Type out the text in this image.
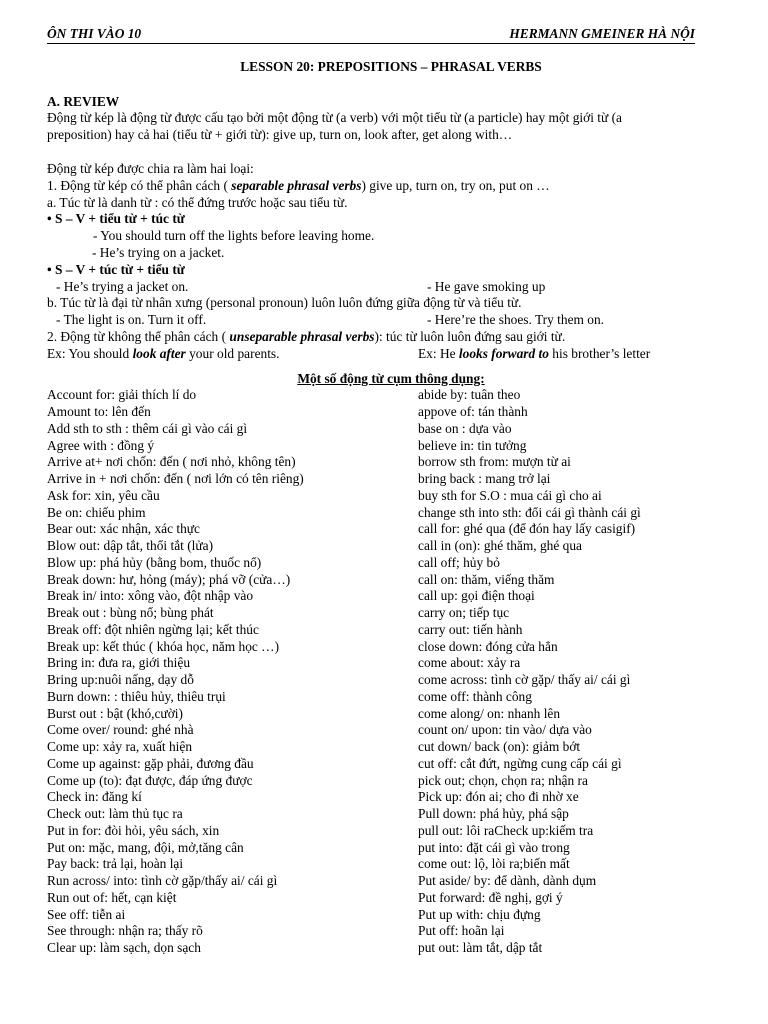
ÔN THI VÀO 10	HERMANN GMEINER HÀ NỘI
LESSON 20: PREPOSITIONS – PHRASAL VERBS
A. REVIEW

Động từ kép là động từ được cấu tạo bởi một động từ (a verb) với một tiểu từ (a particle) hay một giới từ (a

preposition) hay cả hai (tiểu từ + giới từ): give up, turn on, look after, get along with…

Động từ kép được chia ra làm hai loại:

1. Động từ kép có thể phân cách ( separable phrasal verbs) give up, turn on, try on, put on …

a. Túc từ là danh từ : có thể đứng trước hoặc sau tiểu từ.

• S – V + tiểu từ + túc từ

- You should turn off the lights before leaving home.

- He’s trying on a jacket.

• S – V + túc từ + tiểu từ

- He’s trying a jacket on.	- He gave smoking up

b. Túc từ là đại từ nhân xưng (personal pronoun) luôn luôn đứng giữa động từ và tiểu từ.

- The light is on. Turn it off.	- Here’re the shoes. Try them on.

2. Động từ không thể phân cách ( unseparable phrasal verbs): túc từ luôn luôn đứng sau giới từ.

Ex: You should look after your old parents.	Ex: He looks forward to his brother’s letter
Một số động từ cụm thông dụng:
Account for: giải thích lí do
Amount to: lên đến
Add sth to sth : thêm cái gì vào cái gì
Agree with : đồng ý
Arrive at+ nơi chốn: đến ( nơi nhỏ, không tên)
Arrive in + nơi chốn: đến ( nơi lớn có tên riêng)
Ask for: xin, yêu cầu
Be on: chiếu phim
Bear out: xác nhận, xác thực
Blow out: dập tắt, thổi tắt (lửa)
Blow up: phá hủy (bằng bom, thuốc nổ)
Break down: hư, hỏng (máy); phá vỡ (cửa…)
Break in/ into: xông vào, đột nhập vào
Break out : bùng nổ; bùng phát
Break off: đột nhiên ngừng lại; kết thúc
Break up: kết thúc ( khóa học, năm học …)
Bring in: đưa ra, giới thiệu
Bring up:nuôi nấng, dạy dỗ
Burn down: : thiêu hủy, thiêu trụi
Burst out : bật (khó,cười)
Come over/ round: ghé nhà
Come up: xảy ra, xuất hiện
Come up against: gặp phải, đương đầu
Come up (to): đạt được, đáp ứng được
Check in: đăng kí
Check out: làm thủ tục ra
Put in for: đòi hỏi, yêu sách, xin
Put on: mặc, mang, đội, mở,tăng cân
Pay back: trả lại, hoàn lại
Run across/ into: tình cờ gặp/thấy ai/ cái gì
Run out of: hết, cạn kiệt
See off: tiễn ai
See through: nhận ra; thấy rõ
Clear up: làm sạch, dọn sạch
abide by: tuân theo
appove of: tán thành
base on : dựa vào
believe in: tin tưởng
borrow sth from: mượn từ ai
bring back : mang trở lại
buy sth for S.O : mua cái gì cho ai
change sth into sth: đổi cái gì thành cái gì
call for: ghé qua (để đón hay lấy casigif)
call in (on): ghé thăm, ghé qua
call off; hủy bỏ
call on: thăm, viếng thăm
call up: gọi điện thoại
carry on; tiếp tục
carry out: tiến hành
close down: đóng cửa hẳn
come about: xảy ra
come across: tình cờ gặp/ thấy ai/ cái gì
come off: thành công
come along/ on: nhanh lên
count on/ upon: tin vào/ dựa vào
cut down/ back (on): giảm bớt
cut off: cắt đứt, ngừng cung cấp cái gì
pick out; chọn, chọn ra; nhận ra
Pick up: đón ai; cho đi nhờ xe
Pull down: phá hủy, phá sập
pull out: lôi raCheck up:kiếm tra
put into: đặt cái gì vào trong
come out: lộ, lòi ra;biến mất
Put aside/ by: để dành, dành dụm
Put forward: đề nghị, gợi ý
Put up with: chịu đựng
Put off: hoãn lại
put out: làm tắt, dập tắt
